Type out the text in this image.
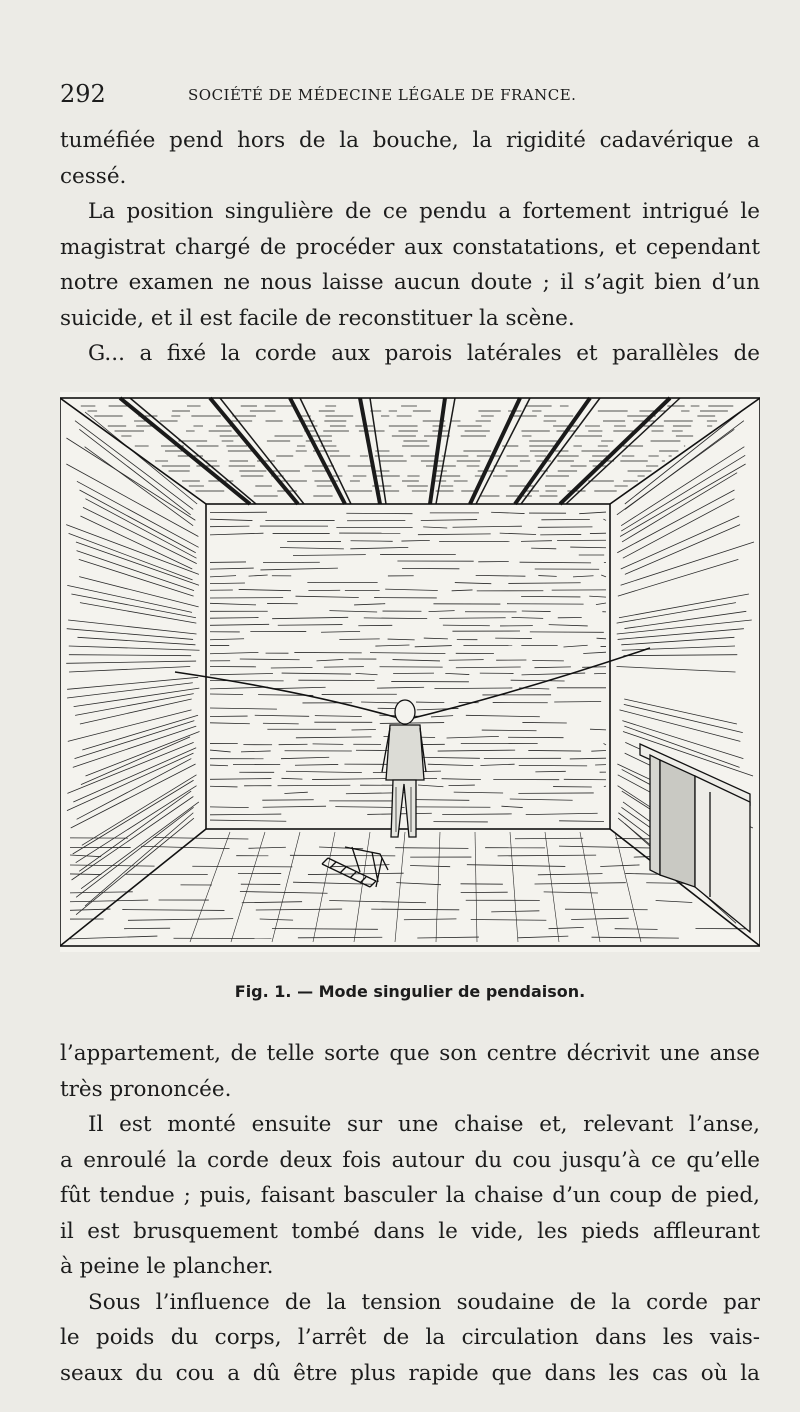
292	SOCIÉTÉ DE MÉDECINE LÉGALE DE FRANCE.
tuméfiée pend hors de la bouche, la rigidité cadavérique a
cessé.
La position singulière de ce pendu a fortement intrigué le
magistrat chargé de procéder aux constatations, et cependant
notre examen ne nous laisse aucun doute ; il s’agit bien d’un
suicide, et il est facile de reconstituer la scène.
G... a fixé la corde aux parois latérales et parallèles de
Fig. 1. — Mode singulier de pendaison.
l’appartement, de telle sorte que son centre décrivit une anse
très prononcée.
Il est monté ensuite sur une chaise et, relevant l’anse,
a enroulé la corde deux fois autour du cou jusqu’à ce qu’elle
fût tendue ; puis, faisant basculer la chaise d’un coup de pied,
il est brusquement tombé dans le vide, les pieds affleurant
à peine le plancher.
Sous l’influence de la tension soudaine de la corde par
le poids du corps, l’arrêt de la circulation dans les vais-
seaux du cou a dû être plus rapide que dans les cas où la
